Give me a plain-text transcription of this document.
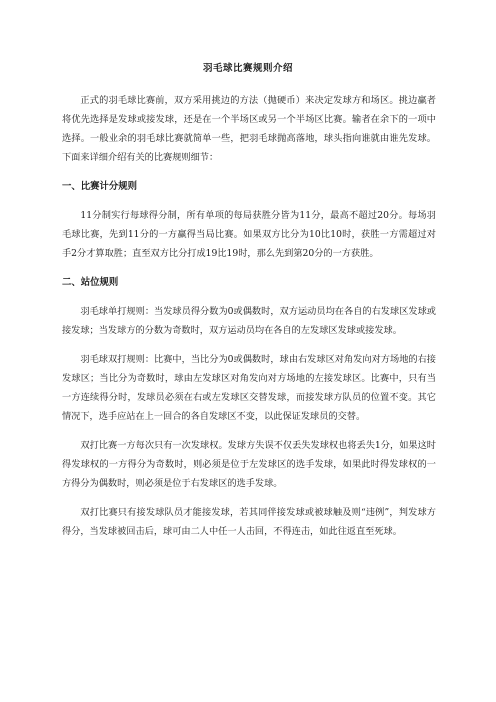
羽毛球比赛规则介绍

正式的羽毛球比赛前，双方采用挑边的方法（抛硬币）来决定发球方和场区。挑边赢者将优先选择是发球或接发球，还是在一个半场区或另一个半场区比赛。输者在余下的一项中选择。一般业余的羽毛球比赛就简单一些，把羽毛球抛高落地，球头指向谁就由谁先发球。下面来详细介绍有关的比赛规则细节：

一、比赛计分规则

11分制实行每球得分制，所有单项的每局获胜分皆为11分，最高不超过20分。每场羽毛球比赛，先到11分的一方赢得当局比赛。如果双方比分为10比10时，获胜一方需超过对手2分才算取胜；直至双方比分打成19比19时，那么先到第20分的一方获胜。

二、站位规则

羽毛球单打规则：当发球员得分数为0或偶数时，双方运动员均在各自的右发球区发球或接发球；当发球方的分数为奇数时，双方运动员均在各自的左发球区发球或接发球。

羽毛球双打规则：比赛中，当比分为0或偶数时，球由右发球区对角发向对方场地的右接发球区；当比分为奇数时，球由左发球区对角发向对方场地的左接发球区。比赛中，只有当一方连续得分时，发球员必须在右或左发球区交替发球，而接发球方队员的位置不变。其它情况下，选手应站在上一回合的各自发球区不变，以此保证发球员的交替。

双打比赛一方每次只有一次发球权。发球方失误不仅丢失发球权也将丢失1分，如果这时得发球权的一方得分为奇数时，则必须是位于左发球区的选手发球，如果此时得发球权的一方得分为偶数时，则必须是位于右发球区的选手发球。

双打比赛只有接发球队员才能接发球，若其同伴接发球或被球触及则“违例”，判发球方得分，当发球被回击后，球可由二人中任一人击回，不得连击，如此往返直至死球。
